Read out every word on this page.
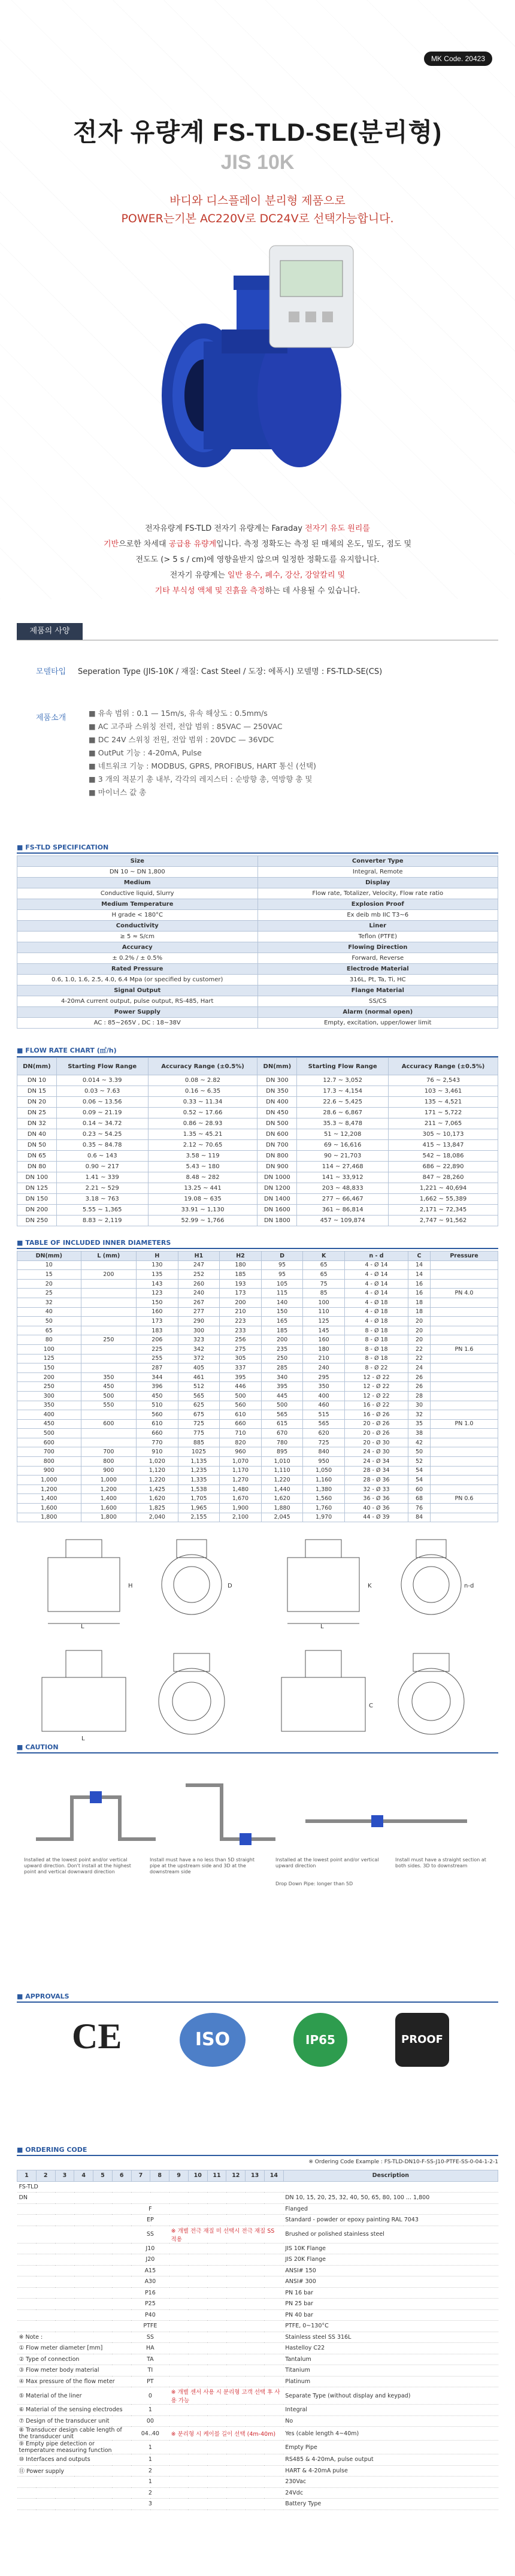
MK Code. 20423
전자 유량계 FS-TLD-SE(분리형)
JIS 10K
바디와 디스플레이 분리형 제품으로
POWER는기본 AC220V로 DC24V로 선택가능합니다.
전자유량계 FS-TLD 전자기 유량계는 Faraday 전자기 유도 원리를
기반으로한 차세대 공급용 유량계입니다. 측정 정확도는 측정 된 매체의 온도, 밀도, 점도 및
전도도 (> 5 s / cm)에 영향을받지 않으며 일정한 정확도를 유지합니다.
전자기 유량계는 일반 용수, 폐수, 강산, 강알칼리 및
기타 부식성 액체 및 진흙을 측정하는 데 사용될 수 있습니다.
제품의 사양
모델타입 Seperation Type (JIS-10K / 재질: Cast Steel / 도장: 에폭시) 모델명 : FS-TLD-SE(CS)
제품소개
■ 유속 범위 : 0.1 — 15m/s, 유속 해상도 : 0.5mm/s
■ AC 고주파 스위칭 전력, 전압 범위 : 85VAC — 250VAC
■ DC 24V 스위칭 전원, 전압 범위 : 20VDC — 36VDC
■ OutPut 기능 : 4-20mA, Pulse
■ 네트워크 기능 : MODBUS, GPRS, PROFIBUS, HART 통신 (선택)
■ 3 개의 적분기 총 내부, 각각의 레지스터 : 순방향 총, 역방향 총 및
■ 마이너스 값 총
■ FS-TLD SPECIFICATION
Size	Converter Type
DN 10 ~ DN 1,800	Integral, Remote
Medium	Display
Conductive liquid, Slurry	Flow rate, Totalizer, Velocity, Flow rate ratio
Medium Temperature	Explosion Proof
H grade < 180°C	Ex deib mb IIC T3~6
Conductivity	Liner
≥ 5 ≈ S/cm	Teflon (PTFE)
Accuracy	Flowing Direction
± 0.2% / ± 0.5%	Forward, Reverse
Rated Pressure	Electrode Material
0.6, 1.0, 1.6, 2.5, 4.0, 6.4 Mpa (or specified by customer)	316L, Pt, Ta, Ti, HC
Signal Output	Flange Material
4-20mA current output, pulse output, RS-485, Hart	SS/CS
Power Supply	Alarm (normal open)
AC : 85~265V , DC : 18~38V	Empty, excitation, upper/lower limit
■ FLOW RATE CHART (㎥/h)
DN(mm)	Starting Flow Range	Accuracy Range (±0.5%)	DN(mm)	Starting Flow Range	Accuracy Range (±0.5%)
DN 10	0.014 ~ 3.39	0.08 ~ 2.82	DN 300	12.7 ~ 3,052	76 ~ 2,543
DN 15	0.03 ~ 7.63	0.16 ~ 6.35	DN 350	17.3 ~ 4,154	103 ~ 3,461
DN 20	0.06 ~ 13.56	0.33 ~ 11.34	DN 400	22.6 ~ 5,425	135 ~ 4,521
DN 25	0.09 ~ 21.19	0.52 ~ 17.66	DN 450	28.6 ~ 6,867	171 ~ 5,722
DN 32	0.14 ~ 34.72	0.86 ~ 28.93	DN 500	35.3 ~ 8,478	211 ~ 7,065
DN 40	0.23 ~ 54.25	1.35 ~ 45.21	DN 600	51 ~ 12,208	305 ~ 10,173
DN 50	0.35 ~ 84.78	2.12 ~ 70.65	DN 700	69 ~ 16,616	415 ~ 13,847
DN 65	0.6 ~ 143	3.58 ~ 119	DN 800	90 ~ 21,703	542 ~ 18,086
DN 80	0.90 ~ 217	5.43 ~ 180	DN 900	114 ~ 27,468	686 ~ 22,890
DN 100	1.41 ~ 339	8.48 ~ 282	DN 1000	141 ~ 33,912	847 ~ 28,260
DN 125	2.21 ~ 529	13.25 ~ 441	DN 1200	203 ~ 48,833	1,221 ~ 40,694
DN 150	3.18 ~ 763	19.08 ~ 635	DN 1400	277 ~ 66,467	1,662 ~ 55,389
DN 200	5.55 ~ 1,365	33.91 ~ 1,130	DN 1600	361 ~ 86,814	2,171 ~ 72,345
DN 250	8.83 ~ 2,119	52.99 ~ 1,766	DN 1800	457 ~ 109,874	2,747 ~ 91,562
■ TABLE OF INCLUDED INNER DIAMETERS
DN(mm)	L (mm)	H	H1	H2	D	K	n - d	C	Pressure
10		130	247	180	95	65	4 - Ø 14	14	
15	200	135	252	185	95	65	4 - Ø 14	14	
20		143	260	193	105	75	4 - Ø 14	16	
25		123	240	173	115	85	4 - Ø 14	16	PN 4.0
32		150	267	200	140	100	4 - Ø 18	18	
40		160	277	210	150	110	4 - Ø 18	18	
50		173	290	223	165	125	4 - Ø 18	20	
65		183	300	233	185	145	8 - Ø 18	20	
80	250	206	323	256	200	160	8 - Ø 18	20	
100		225	342	275	235	180	8 - Ø 18	22	PN 1.6
125		255	372	305	250	210	8 - Ø 18	22	
150		287	405	337	285	240	8 - Ø 22	24	
200	350	344	461	395	340	295	12 - Ø 22	26	
250	450	396	512	446	395	350	12 - Ø 22	26	
300	500	450	565	500	445	400	12 - Ø 22	28	
350	550	510	625	560	500	460	16 - Ø 22	30	
400		560	675	610	565	515	16 - Ø 26	32	
450	600	610	725	660	615	565	20 - Ø 26	35	PN 1.0
500		660	775	710	670	620	20 - Ø 26	38	
600		770	885	820	780	725	20 - Ø 30	42	
700	700	910	1025	960	895	840	24 - Ø 30	50	
800	800	1,020	1,135	1,070	1,010	950	24 - Ø 34	52	
900	900	1,120	1,235	1,170	1,110	1,050	28 - Ø 34	54	
1,000	1,000	1,220	1,335	1,270	1,220	1,160	28 - Ø 36	54	
1,200	1,200	1,425	1,538	1,480	1,440	1,380	32 - Ø 33	60	
1,400	1,400	1,620	1,705	1,670	1,620	1,560	36 - Ø 36	68	PN 0.6
1,600	1,600	1,825	1,965	1,900	1,880	1,760	40 - Ø 36	76	
1,800	1,800	2,040	2,155	2,100	2,045	1,970	44 - Ø 39	84	
L
H	D
L
K	n-d
L
C
■ CAUTION
Installed at the lowest point and/or vertical upward direction. Don't install at the highest point and vertical downward direction
Install must have a no less than 5D straight pipe at the upstream side and 3D at the downstream side
Installed at the lowest point and/or vertical upward direction
Install must have a straight section at both sides. 3D to downstream
Drop Down Pipe: longer than 5D
■ APPROVALS
CE	ISO	IP65	PROOF
■ ORDERING CODE
※ Ordering Code Example : FS-TLD-DN10-F-SS-J10-PTFE-SS-0-04-1-2-1
1	2	3	4	5	6	7	8	9	10	11	12	13	14	Description
FS-TLD														
DN														DN 10, 15, 20, 25, 32, 40, 50, 65, 80, 100 ... 1,800
						F								Flanged
						EP								Standard - powder or epoxy painting RAL 7043
						SS		※ 개별 전극 재질 미 선택시 전극 재질 SS 적용						Brushed or polished stainless steel
						J10								JIS 10K Flange
						J20								JIS 20K Flange
						A15								ANSI# 150
						A30								ANSI# 300
						P16								PN 16 bar
						P25								PN 25 bar
						P40								PN 40 bar
						PTFE								PTFE, 0~130°C
※ Note :						SS								Stainless steel SS 316L
① Flow meter diameter [mm]						HA								Hastelloy C22
② Type of connection						TA								Tantalum
③ Flow meter body material						TI								Titanium
④ Max pressure of the flow meter						PT								Platinum
⑤ Material of the liner						0		※ 개별 센서 사용 시 분리형 고객 선택 후 사용 가능						Separate Type (without display and keypad)
⑥ Material of the sensing electrodes						1								Integral
⑦ Design of the transducer unit						00								No
⑧ Transducer design cable length of the transducer unit						04..40		※ 분리형 시 케이블 길이 선택 (4m-40m)						Yes (cable length 4~40m)
⑨ Empty pipe detection or temperature measuring function						1								Empty Pipe
⑩ Interfaces and outputs						1								RS485 & 4-20mA, pulse output
⑪ Power supply						2								HART & 4-20mA pulse
						1								230Vac
						2								24Vdc
						3								Battery Type
